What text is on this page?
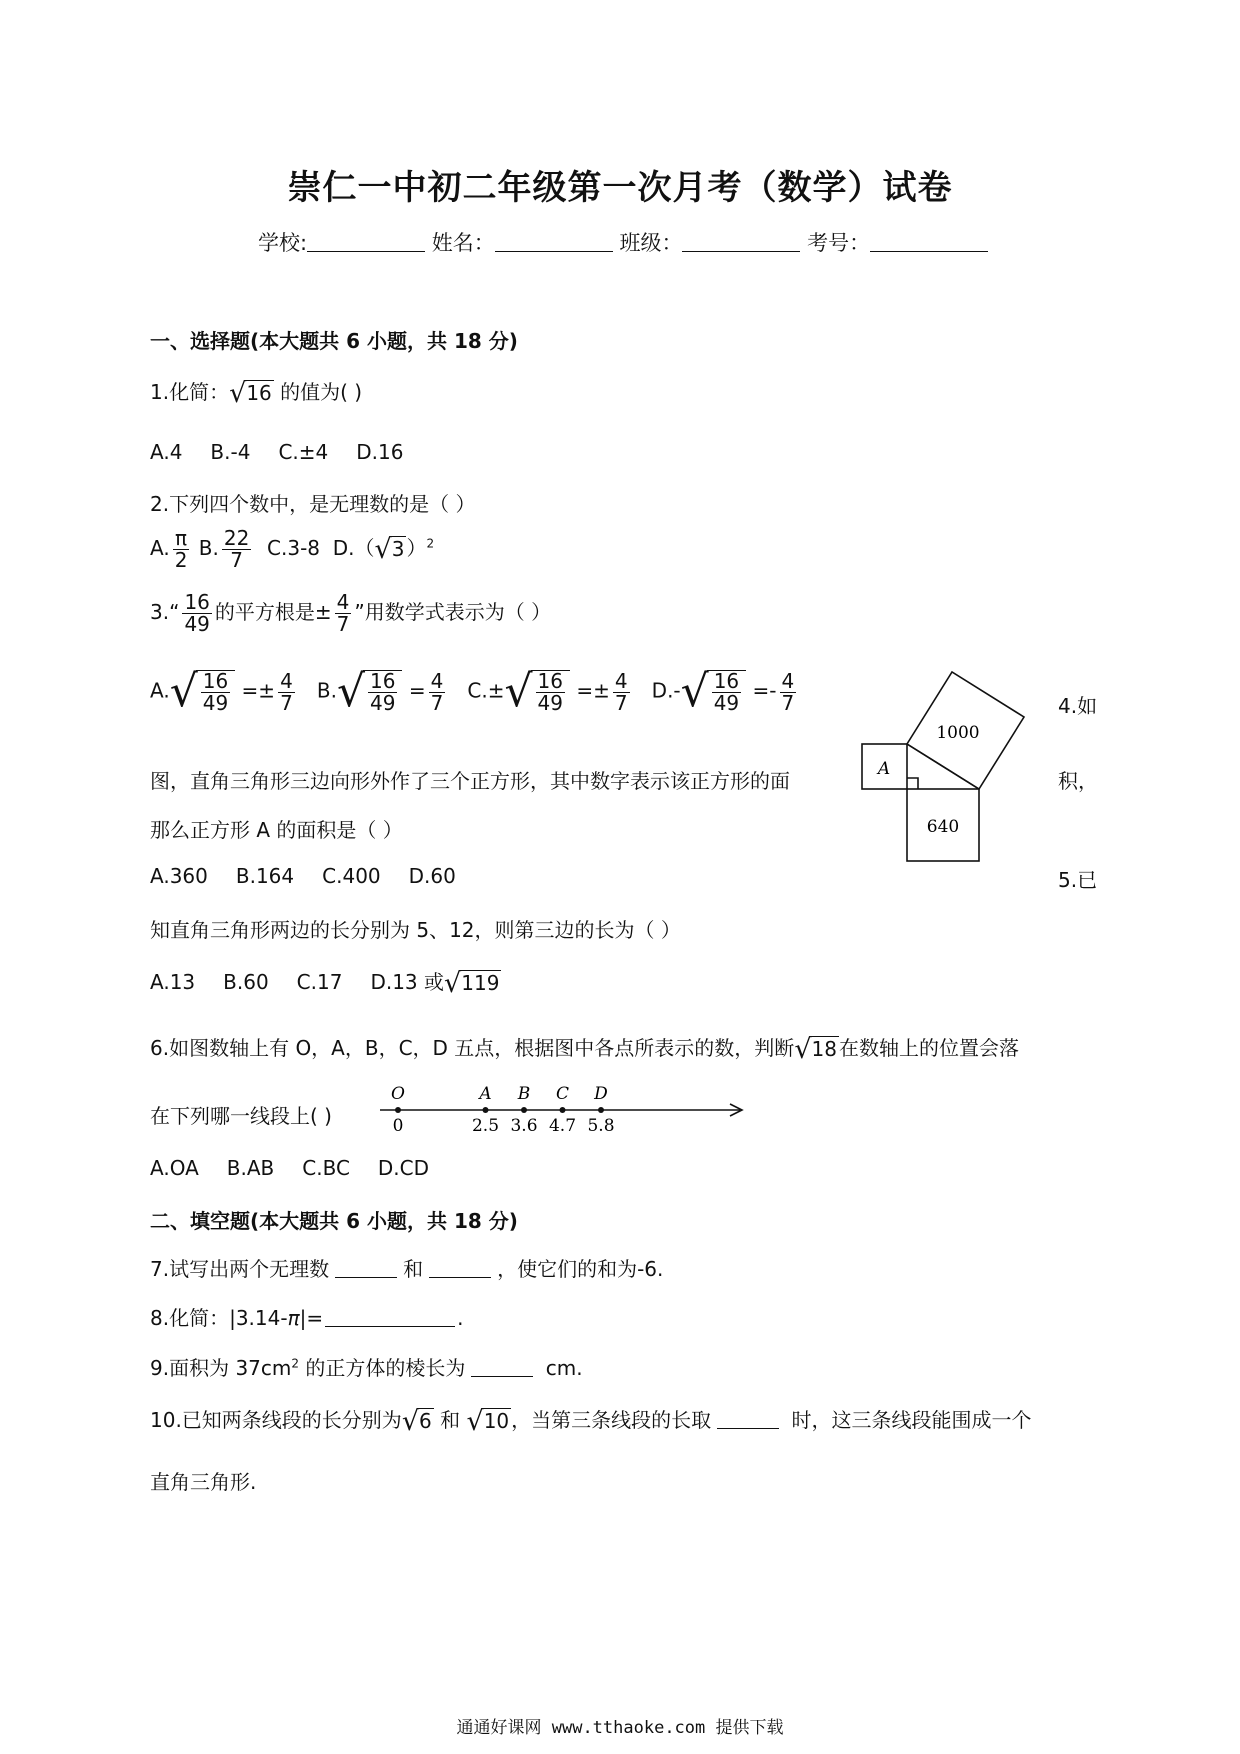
崇仁一中初二年级第一次月考（数学）试卷
学校:	姓名：	班级：	考号：
一、选择题(本大题共 6 小题，共 18 分)
1.化简： √ 16 的值为( )
A.4 B.-4 C.±4 D.16
2.下列四个数中，是无理数的是（ ）
A. $\frac{\pi}{2} B$. $\frac{22}{7} C.3-8$ D.（ √ 3 ）$^2$
3.“ $\frac{16}{49}$ 的平方根是± $\frac{4}{7}$ ”用数学式表示为（ ）
A. √ $\frac{16}{49} =\pm \frac{4}{7} B$. √ $\frac{16}{49} = \frac{4}{7} C.\pm$ √ $\frac{16}{49} =\pm \frac{4}{7} D.-$ √ $\frac{16}{49} =- \frac{4}{7}$	4.如
图，直角三角形三边向形外作了三个正方形，其中数字表示该正方形的面	积，
那么正方形 A 的面积是（ ）
A.360 B.164 C.400 D.60
1000
640
A
5.已
知直角三角形两边的长分别为 5、12，则第三边的长为（ ）
A.13 B.60 C.17 D.13 或 √ 119
6.如图数轴上有 O，A，B，C，D 五点，根据图中各点所表示的数，判断 √ 18 在数轴上的位置会落
在下列哪一线段上( )
O
0
A
2.5
B
3.6
C
4.7
D
5.8
A.OA B.AB C.BC D.CD
二、填空题(本大题共 6 小题，共 18 分)
7.试写出两个无理数	和	，使它们的和为-6.
8.化简：|3.14-π|=	.
9.面积为 $37cm^2$ 的正方体的棱长为	cm.
10.已知两条线段的长分别为 √ 6 和 √ 10 ，当第三条线段的长取	时，这三条线段能围成一个
直角三角形.
通通好课网 www.tthaoke.com 提供下载
